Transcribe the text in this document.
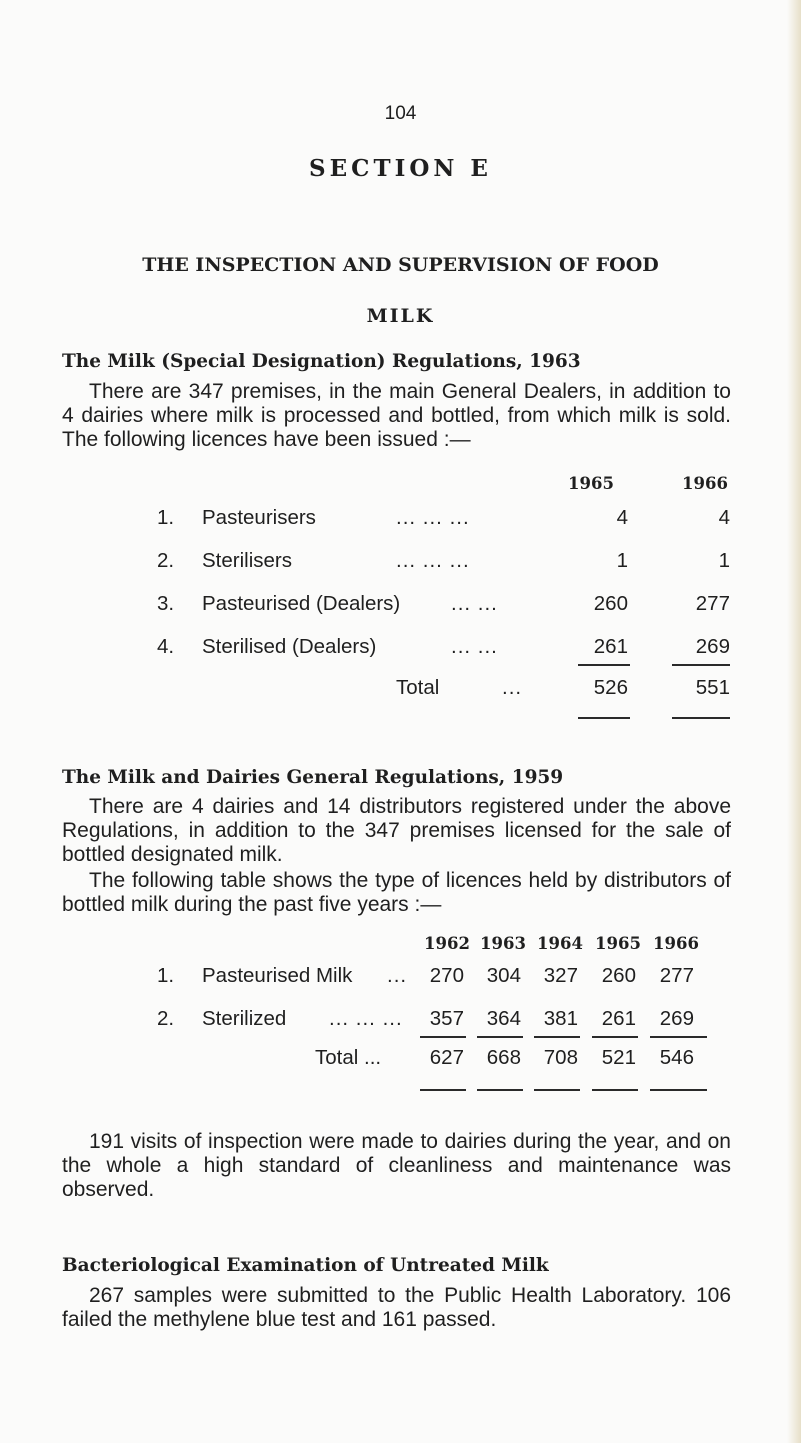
104
SECTION E
THE INSPECTION AND SUPERVISION OF FOOD
MILK
The Milk (Special Designation) Regulations, 1963
There are 347 premises, in the main General Dealers, in addition to 4 dairies where milk is processed and bottled, from which milk is sold. The following licences have been issued :—
1965	1966
1. Pasteurisers	... ... ...	4	4
2. Sterilisers	... ... ...	1	1
3. Pasteurised (Dealers) ... ...	260	277
4. Sterilised (Dealers)	... ...	261	269
Total	...	526	551
The Milk and Dairies General Regulations, 1959
There are 4 dairies and 14 distributors registered under the above Regulations, in addition to the 347 premises licensed for the sale of bottled designated milk.
The following table shows the type of licences held by distributors of bottled milk during the past five years :—
1962 1963 1964 1965 1966
1. Pasteurised Milk ...	270	304	327	260	277
2. Sterilized ... ... ...	357	364	381	261	269
Total ...	627	668	708	521	546
191 visits of inspection were made to dairies during the year, and on the whole a high standard of cleanliness and maintenance was observed.
Bacteriological Examination of Untreated Milk
267 samples were submitted to the Public Health Laboratory. 106 failed the methylene blue test and 161 passed.
